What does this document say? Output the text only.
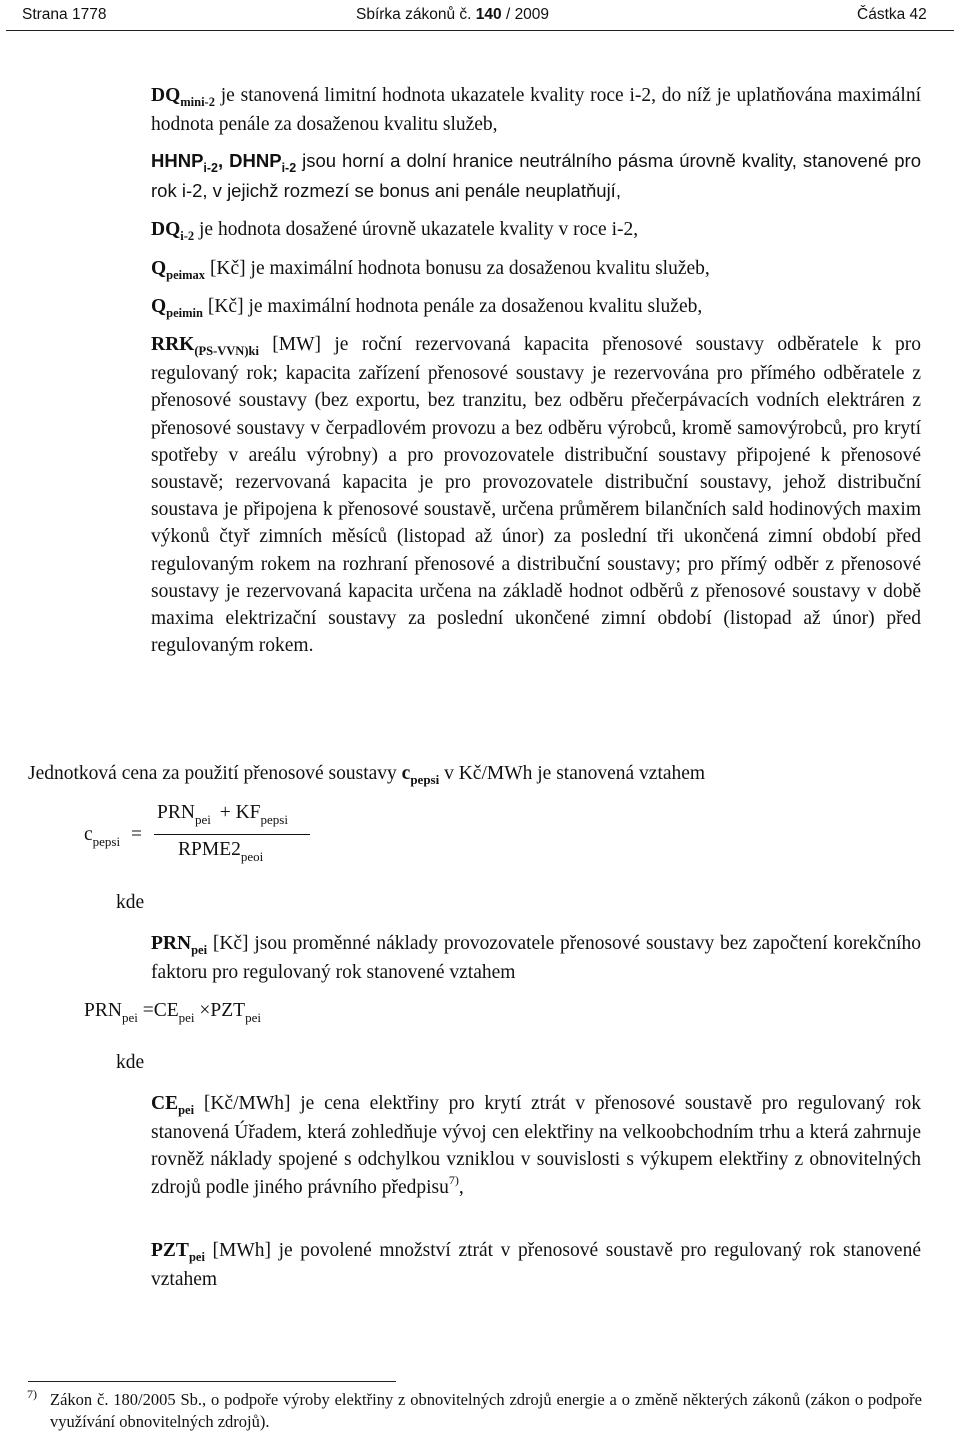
Strana 1778	Sbírka zákonů č. 140 / 2009	Částka 42
$DQ_{mini-2}$ je stanovená limitní hodnota ukazatele kvality roce i-2, do níž je uplatňována maximální hodnota penále za dosaženou kvalitu služeb,
$HHNP_{i-2}$, $DHNP_{i-2}$ jsou horní a dolní hranice neutrálního pásma úrovně kvality, stanovené pro rok i-2, v jejichž rozmezí se bonus ani penále neuplatňují,
$DQ_{i-2}$ je hodnota dosažené úrovně ukazatele kvality v roce i-2,
$Q_{peimax}$ [Kč] je maximální hodnota bonusu za dosaženou kvalitu služeb,
$Q_{peimin}$ [Kč] je maximální hodnota penále za dosaženou kvalitu služeb,
$RRK_{(PS-VVN)ki}$ [MW] je roční rezervovaná kapacita přenosové soustavy odběratele k pro regulovaný rok; kapacita zařízení přenosové soustavy je rezervována pro přímého odběratele z přenosové soustavy (bez exportu, bez tranzitu, bez odběru přečerpávacích vodních elektráren z přenosové soustavy v čerpadlovém provozu a bez odběru výrobců, kromě samovýrobců, pro krytí spotřeby v areálu výrobny) a pro provozovatele distribuční soustavy připojené k přenosové soustavě; rezervovaná kapacita je pro provozovatele distribuční soustavy, jehož distribuční soustava je připojena k přenosové soustavě, určena průměrem bilančních sald hodinových maxim výkonů čtyř zimních měsíců (listopad až únor) za poslední tři ukončená zimní období před regulovaným rokem na rozhraní přenosové a distribuční soustavy; pro přímý odběr z přenosové soustavy je rezervovaná kapacita určena na základě hodnot odběrů z přenosové soustavy v době maxima elektrizační soustavy za poslední ukončené zimní období (listopad až únor) před regulovaným rokem.
Jednotková cena za použití přenosové soustavy $c_{pepsi}$ v Kč/MWh je stanovená vztahem
$c_{pepsi}$ =
$PRN_{pei} + KF_{pepsi}$
$RPME2_{peoi}$
kde
$PRN_{pei}$ [Kč] jsou proměnné náklady provozovatele přenosové soustavy bez započtení korekčního faktoru pro regulovaný rok stanovené vztahem
$PRN_{pei} =CE_{pei} \times PZT_{pei}$
kde
$CE_{pei}$ [Kč/MWh] je cena elektřiny pro krytí ztrát v přenosové soustavě pro regulovaný rok stanovená Úřadem, která zohledňuje vývoj cen elektřiny na velkoobchodním trhu a která zahrnuje rovněž náklady spojené s odchylkou vzniklou v souvislosti s výkupem elektřiny z obnovitelných zdrojů podle jiného právního předpisu$^{7)}$,
$PZT_{pei}$ [MWh] je povolené množství ztrát v přenosové soustavě pro regulovaný rok stanovené vztahem
7) Zákon č. 180/2005 Sb., o podpoře výroby elektřiny z obnovitelných zdrojů energie a o změně některých zákonů (zákon o podpoře využívání obnovitelných zdrojů).
